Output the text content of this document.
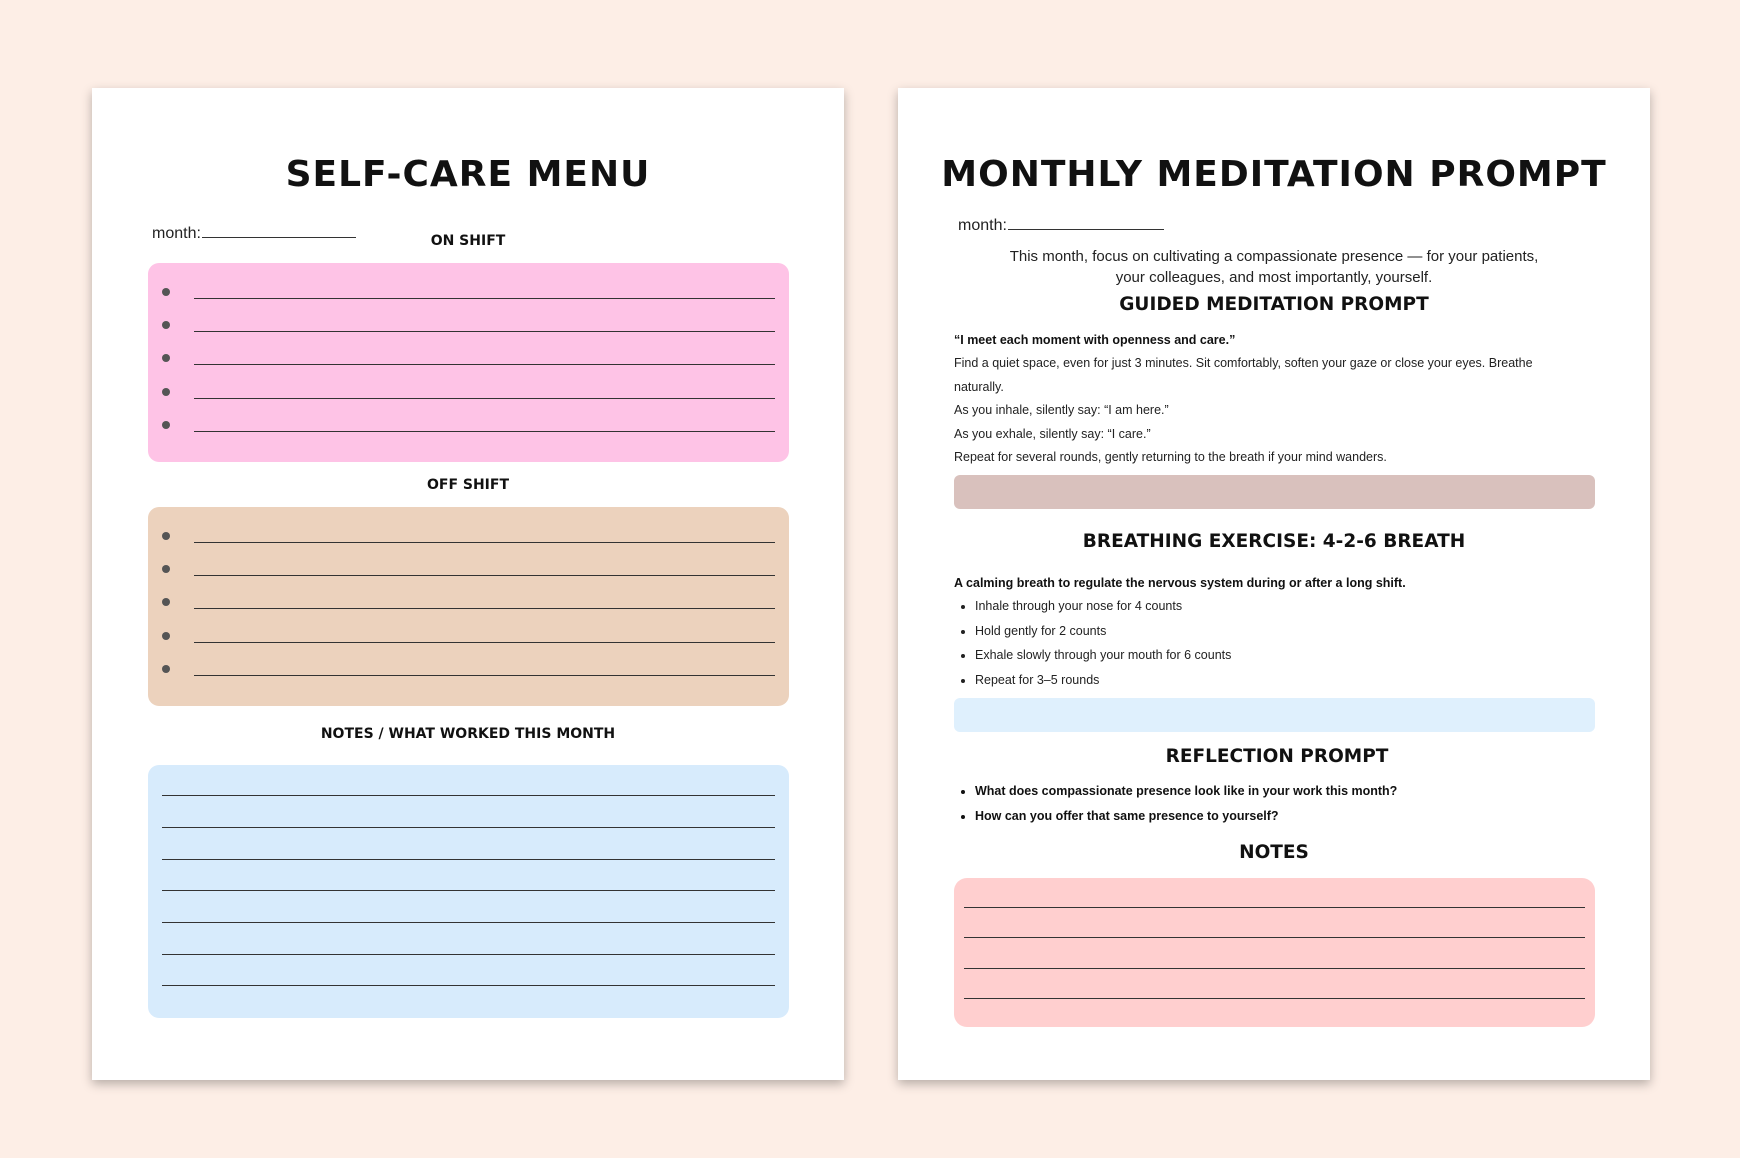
SELF-CARE MENU
month:	ON SHIFT
OFF SHIFT
NOTES / WHAT WORKED THIS MONTH
MONTHLY MEDITATION PROMPT
month:
This month, focus on cultivating a compassionate presence — for your patients,
your colleagues, and most importantly, yourself.
GUIDED MEDITATION PROMPT
“I meet each moment with openness and care.”
Find a quiet space, even for just 3 minutes. Sit comfortably, soften your gaze or close your eyes. Breathe
naturally.
As you inhale, silently say: “I am here.”
As you exhale, silently say: “I care.”
Repeat for several rounds, gently returning to the breath if your mind wanders.
BREATHING EXERCISE: 4-2-6 BREATH
A calming breath to regulate the nervous system during or after a long shift.
• Inhale through your nose for 4 counts
• Hold gently for 2 counts
• Exhale slowly through your mouth for 6 counts
• Repeat for 3–5 rounds
REFLECTION PROMPT
• What does compassionate presence look like in your work this month?
• How can you offer that same presence to yourself?
NOTES
